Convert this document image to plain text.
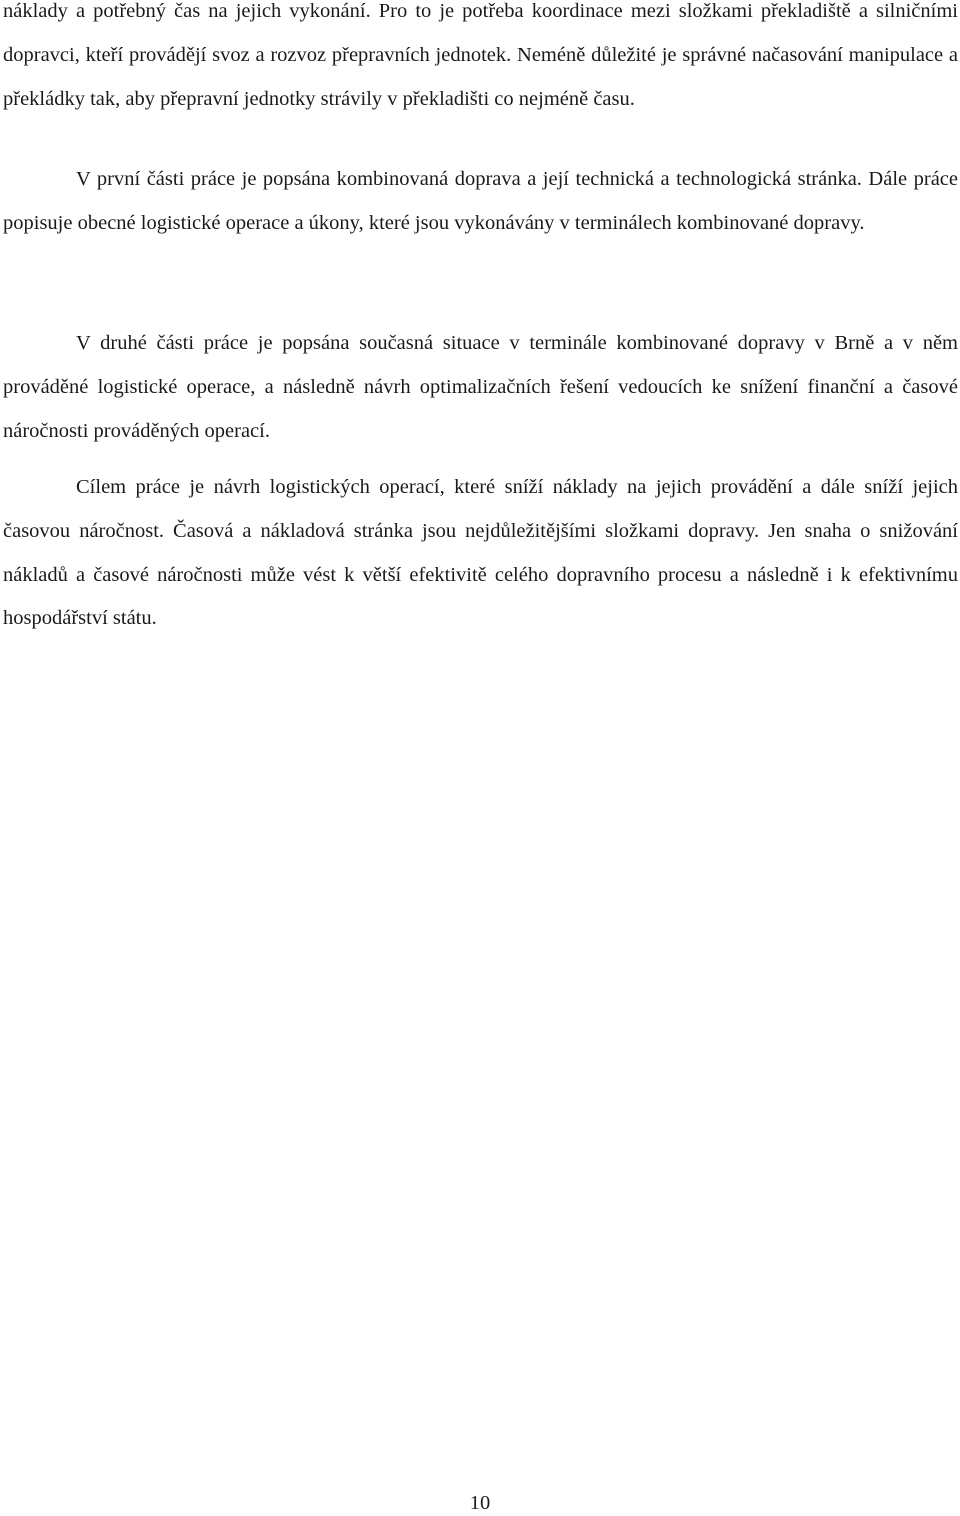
náklady a potřebný čas na jejich vykonání. Pro to je potřeba koordinace mezi složkami překladiště a silničními dopravci, kteří provádějí svoz a rozvoz přepravních jednotek. Neméně důležité je správné načasování manipulace a překládky tak, aby přepravní jednotky strávily v překladišti co nejméně času.

V první části práce je popsána kombinovaná doprava a její technická a technologická stránka. Dále práce popisuje obecné logistické operace a úkony, které jsou vykonávány v terminálech kombinované dopravy.

V druhé části práce je popsána současná situace v terminále kombinované dopravy v Brně a v něm prováděné logistické operace, a následně návrh optimalizačních řešení vedoucích ke snížení finanční a časové náročnosti prováděných operací.

Cílem práce je návrh logistických operací, které sníží náklady na jejich provádění a dále sníží jejich časovou náročnost. Časová a nákladová stránka jsou nejdůležitějšími složkami dopravy. Jen snaha o snižování nákladů a časové náročnosti může vést k větší efektivitě celého dopravního procesu a následně i k efektivnímu hospodářství státu.

10
